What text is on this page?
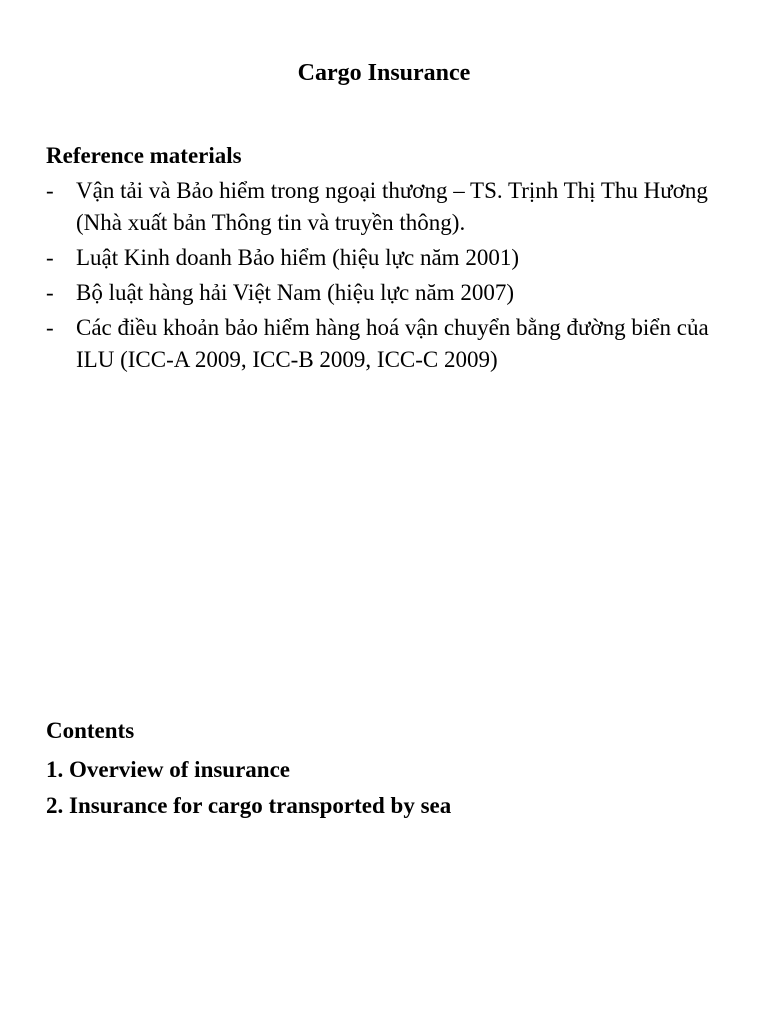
Cargo Insurance
Reference materials
- Vận tải và Bảo hiểm trong ngoại thương – TS. Trịnh Thị Thu Hương (Nhà xuất bản Thông tin và truyền thông).
- Luật Kinh doanh Bảo hiểm (hiệu lực năm 2001)
- Bộ luật hàng hải Việt Nam (hiệu lực năm 2007)
- Các điều khoản bảo hiểm hàng hoá vận chuyển bằng đường biển của ILU (ICC-A 2009, ICC-B 2009, ICC-C 2009)
Contents
1. Overview of insurance
2. Insurance for cargo transported by sea
